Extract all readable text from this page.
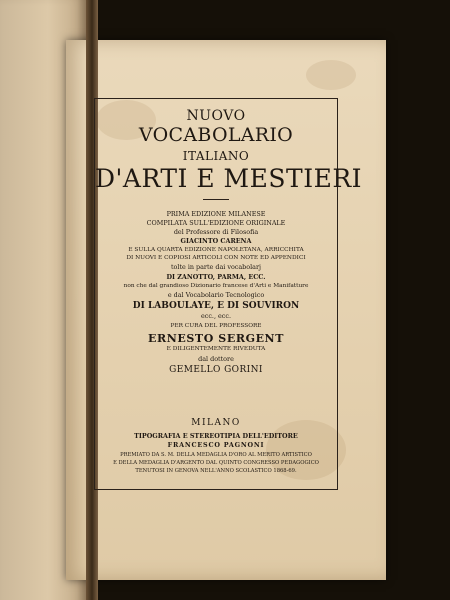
NUOVO
VOCABOLARIO
ITALIANO
D'ARTI E MESTIERI
PRIMA EDIZIONE MILANESE
COMPILATA SULL'EDIZIONE ORIGINALE
del Professore di Filosofia
GIACINTO CARENA
E SULLA QUARTA EDIZIONE NAPOLETANA, ARRICCHITA
DI NUOVI E COPIOSI ARTICOLI CON NOTE ED APPENDICI
tolte in parte dai vocabolarj
DI ZANOTTO, PARMA, ECC.
non che dal grandioso Dizionario francese d'Arti e Manifatture
e dal Vocabolario Tecnologico
DI LABOULAYE, E DI SOUVIRON
ecc., ecc.
PER CURA DEL PROFESSORE
ERNESTO SERGENT
E DILIGENTEMENTE RIVEDUTA
dal dottore
GEMELLO GORINI
MILANO
TIPOGRAFIA E STEREOTIPIA DELL'EDITORE
FRANCESCO PAGNONI
PREMIATO DA S. M. DELLA MEDAGLIA D'ORO AL MERITO ARTISTICO
E DELLA MEDAGLIA D'ARGENTO DAL QUINTO CONGRESSO PEDAGOGICO
TENUTOSI IN GENOVA NELL'ANNO SCOLASTICO 1868-69.
